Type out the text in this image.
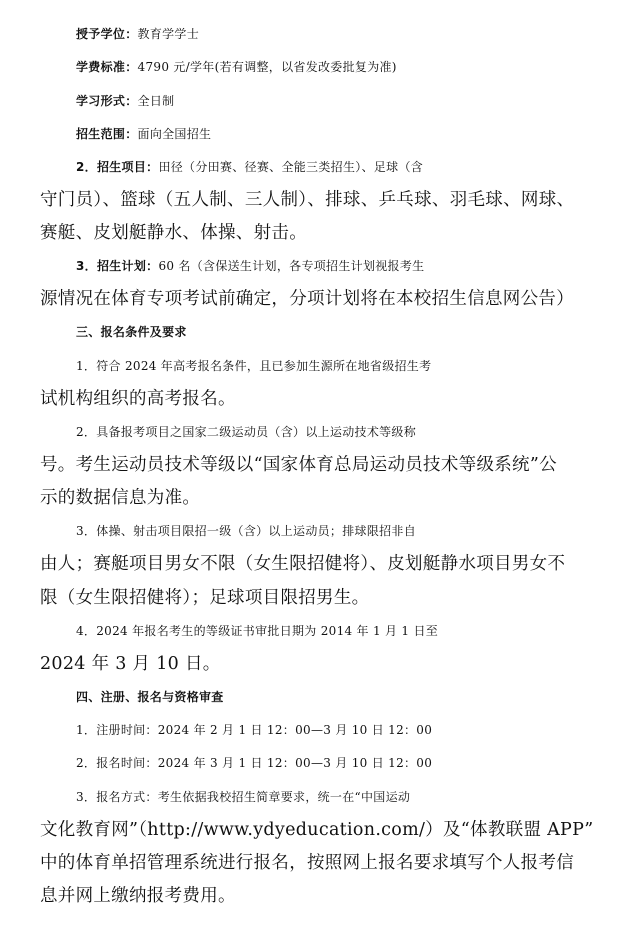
授予学位：教育学学士
学费标准：4790 元/学年(若有调整，以省发改委批复为准)
学习形式：全日制
招生范围：面向全国招生
2．招生项目：田径（分田赛、径赛、全能三类招生）、足球（含
守门员）、篮球（五人制、三人制）、排球、乒乓球、羽毛球、网球、
赛艇、皮划艇静水、体操、射击。
3．招生计划：60 名（含保送生计划，各专项招生计划视报考生
源情况在体育专项考试前确定，分项计划将在本校招生信息网公告）
三、报名条件及要求
1．符合 2024 年高考报名条件，且已参加生源所在地省级招生考
试机构组织的高考报名。
2．具备报考项目之国家二级运动员（含）以上运动技术等级称
号。考生运动员技术等级以“国家体育总局运动员技术等级系统”公
示的数据信息为准。
3．体操、射击项目限招一级（含）以上运动员；排球限招非自
由人；赛艇项目男女不限（女生限招健将）、皮划艇静水项目男女不
限（女生限招健将）；足球项目限招男生。
4．2024 年报名考生的等级证书审批日期为 2014 年 1 月 1 日至
2024 年 3 月 10 日。
四、注册、报名与资格审查
1．注册时间：2024 年 2 月 1 日 12：00—3 月 10 日 12：00
2．报名时间：2024 年 3 月 1 日 12：00—3 月 10 日 12：00
3．报名方式：考生依据我校招生简章要求，统一在“中国运动
文化教育网”（http://www.ydyeducation.com/）及“体教联盟 APP”
中的体育单招管理系统进行报名，按照网上报名要求填写个人报考信
息并网上缴纳报考费用。
